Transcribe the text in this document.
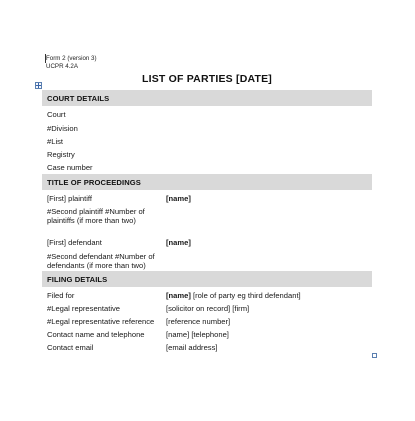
Form 2 (version 3)
UCPR 4.2A
LIST OF PARTIES [DATE]
COURT DETAILS
Court
#Division
#List
Registry
Case number
TITLE OF PROCEEDINGS
[First] plaintiff	[name]
#Second plaintiff #Number of plaintiffs (if more than two)
[First] defendant	[name]
#Second defendant #Number of defendants (if more than two)
FILING DETAILS
Filed for	[name] [role of party eg third defendant]
#Legal representative	[solicitor on record] [firm]
#Legal representative reference	[reference number]
Contact name and telephone	[name] [telephone]
Contact email	[email address]
